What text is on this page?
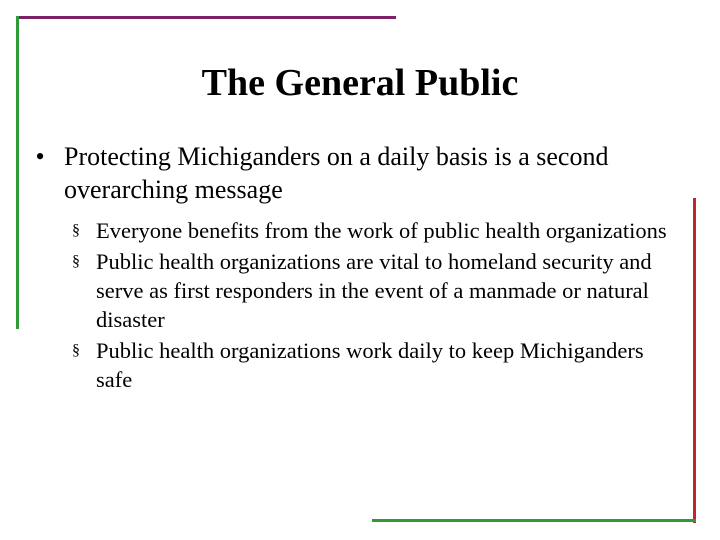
The General Public
• Protecting Michiganders on a daily basis is a second overarching message
§ Everyone benefits from the work of public health organizations
§ Public health organizations are vital to homeland security and serve as first responders in the event of a manmade or natural disaster
§ Public health organizations work daily to keep Michiganders safe
